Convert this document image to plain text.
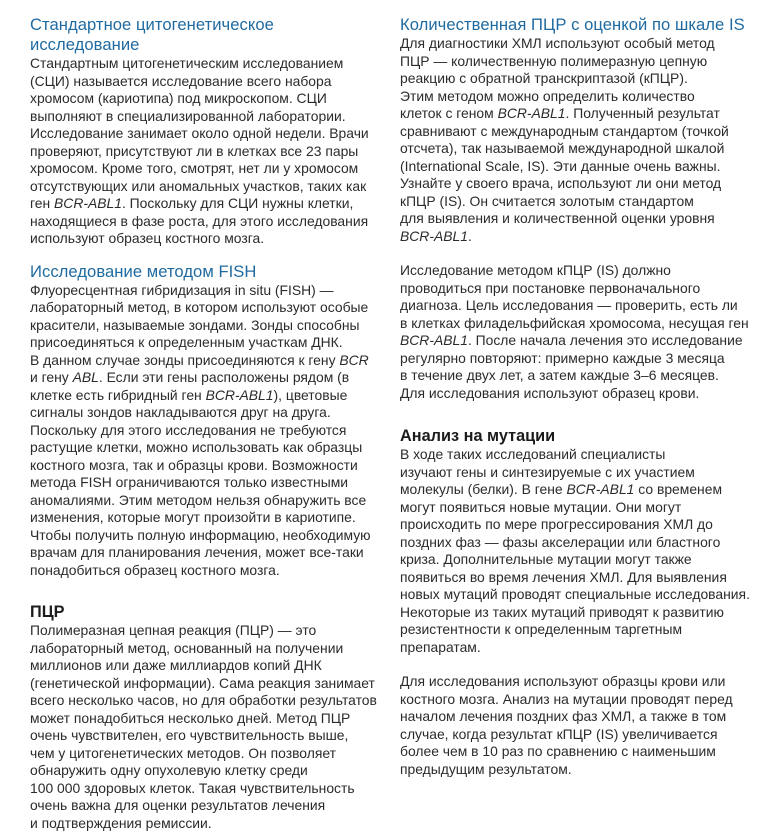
Стандартное цитогенетическое исследование
Стандартным цитогенетическим исследованием
(СЦИ) называется исследование всего набора
хромосом (кариотипа) под микроскопом. СЦИ
выполняют в специализированной лаборатории.
Исследование занимает около одной недели. Врачи
проверяют, присутствуют ли в клетках все 23 пары
хромосом. Кроме того, смотрят, нет ли у хромосом
отсутствующих или аномальных участков, таких как
ген BCR-ABL1. Поскольку для СЦИ нужны клетки,
находящиеся в фазе роста, для этого исследования
используют образец костного мозга.
Исследование методом FISH
Флуоресцентная гибридизация in situ (FISH) —
лабораторный метод, в котором используют особые
красители, называемые зондами. Зонды способны
присоединяться к определенным участкам ДНК.
В данном случае зонды присоединяются к гену BCR
и гену ABL. Если эти гены расположены рядом (в
клетке есть гибридный ген BCR-ABL1), цветовые
сигналы зондов накладываются друг на друга.
Поскольку для этого исследования не требуются
растущие клетки, можно использовать как образцы
костного мозга, так и образцы крови. Возможности
метода FISH ограничиваются только известными
аномалиями. Этим методом нельзя обнаружить все
изменения, которые могут произойти в кариотипе.
Чтобы получить полную информацию, необходимую
врачам для планирования лечения, может все-таки
понадобиться образец костного мозга.
ПЦР
Полимеразная цепная реакция (ПЦР) — это
лабораторный метод, основанный на получении
миллионов или даже миллиардов копий ДНК
(генетической информации). Сама реакция занимает
всего несколько часов, но для обработки результатов
может понадобиться несколько дней. Метод ПЦР
очень чувствителен, его чувствительность выше,
чем у цитогенетических методов. Он позволяет
обнаружить одну опухолевую клетку среди
100 000 здоровых клеток. Такая чувствительность
очень важна для оценки результатов лечения
и подтверждения ремиссии.
Количественная ПЦР с оценкой по шкале IS
Для диагностики ХМЛ используют особый метод
ПЦР — количественную полимеразную цепную
реакцию с обратной транскриптазой (кПЦР).
Этим методом можно определить количество
клеток с геном BCR-ABL1. Полученный результат
сравнивают с международным стандартом (точкой
отсчета), так называемой международной шкалой
(International Scale, IS). Эти данные очень важны.
Узнайте у своего врача, используют ли они метод
кПЦР (IS). Он считается золотым стандартом
для выявления и количественной оценки уровня
BCR-ABL1.
Исследование методом кПЦР (IS) должно
проводиться при постановке первоначального
диагноза. Цель исследования — проверить, есть ли
в клетках филадельфийская хромосома, несущая ген
BCR-ABL1. После начала лечения это исследование
регулярно повторяют: примерно каждые 3 месяца
в течение двух лет, а затем каждые 3–6 месяцев.
Для исследования используют образец крови.
Анализ на мутации
В ходе таких исследований специалисты
изучают гены и синтезируемые с их участием
молекулы (белки). В гене BCR-ABL1 со временем
могут появиться новые мутации. Они могут
происходить по мере прогрессирования ХМЛ до
поздних фаз — фазы акселерации или бластного
криза. Дополнительные мутации могут также
появиться во время лечения ХМЛ. Для выявления
новых мутаций проводят специальные исследования.
Некоторые из таких мутаций приводят к развитию
резистентности к определенным таргетным
препаратам.
Для исследования используют образцы крови или
костного мозга. Анализ на мутации проводят перед
началом лечения поздних фаз ХМЛ, а также в том
случае, когда результат кПЦР (IS) увеличивается
более чем в 10 раз по сравнению с наименьшим
предыдущим результатом.
